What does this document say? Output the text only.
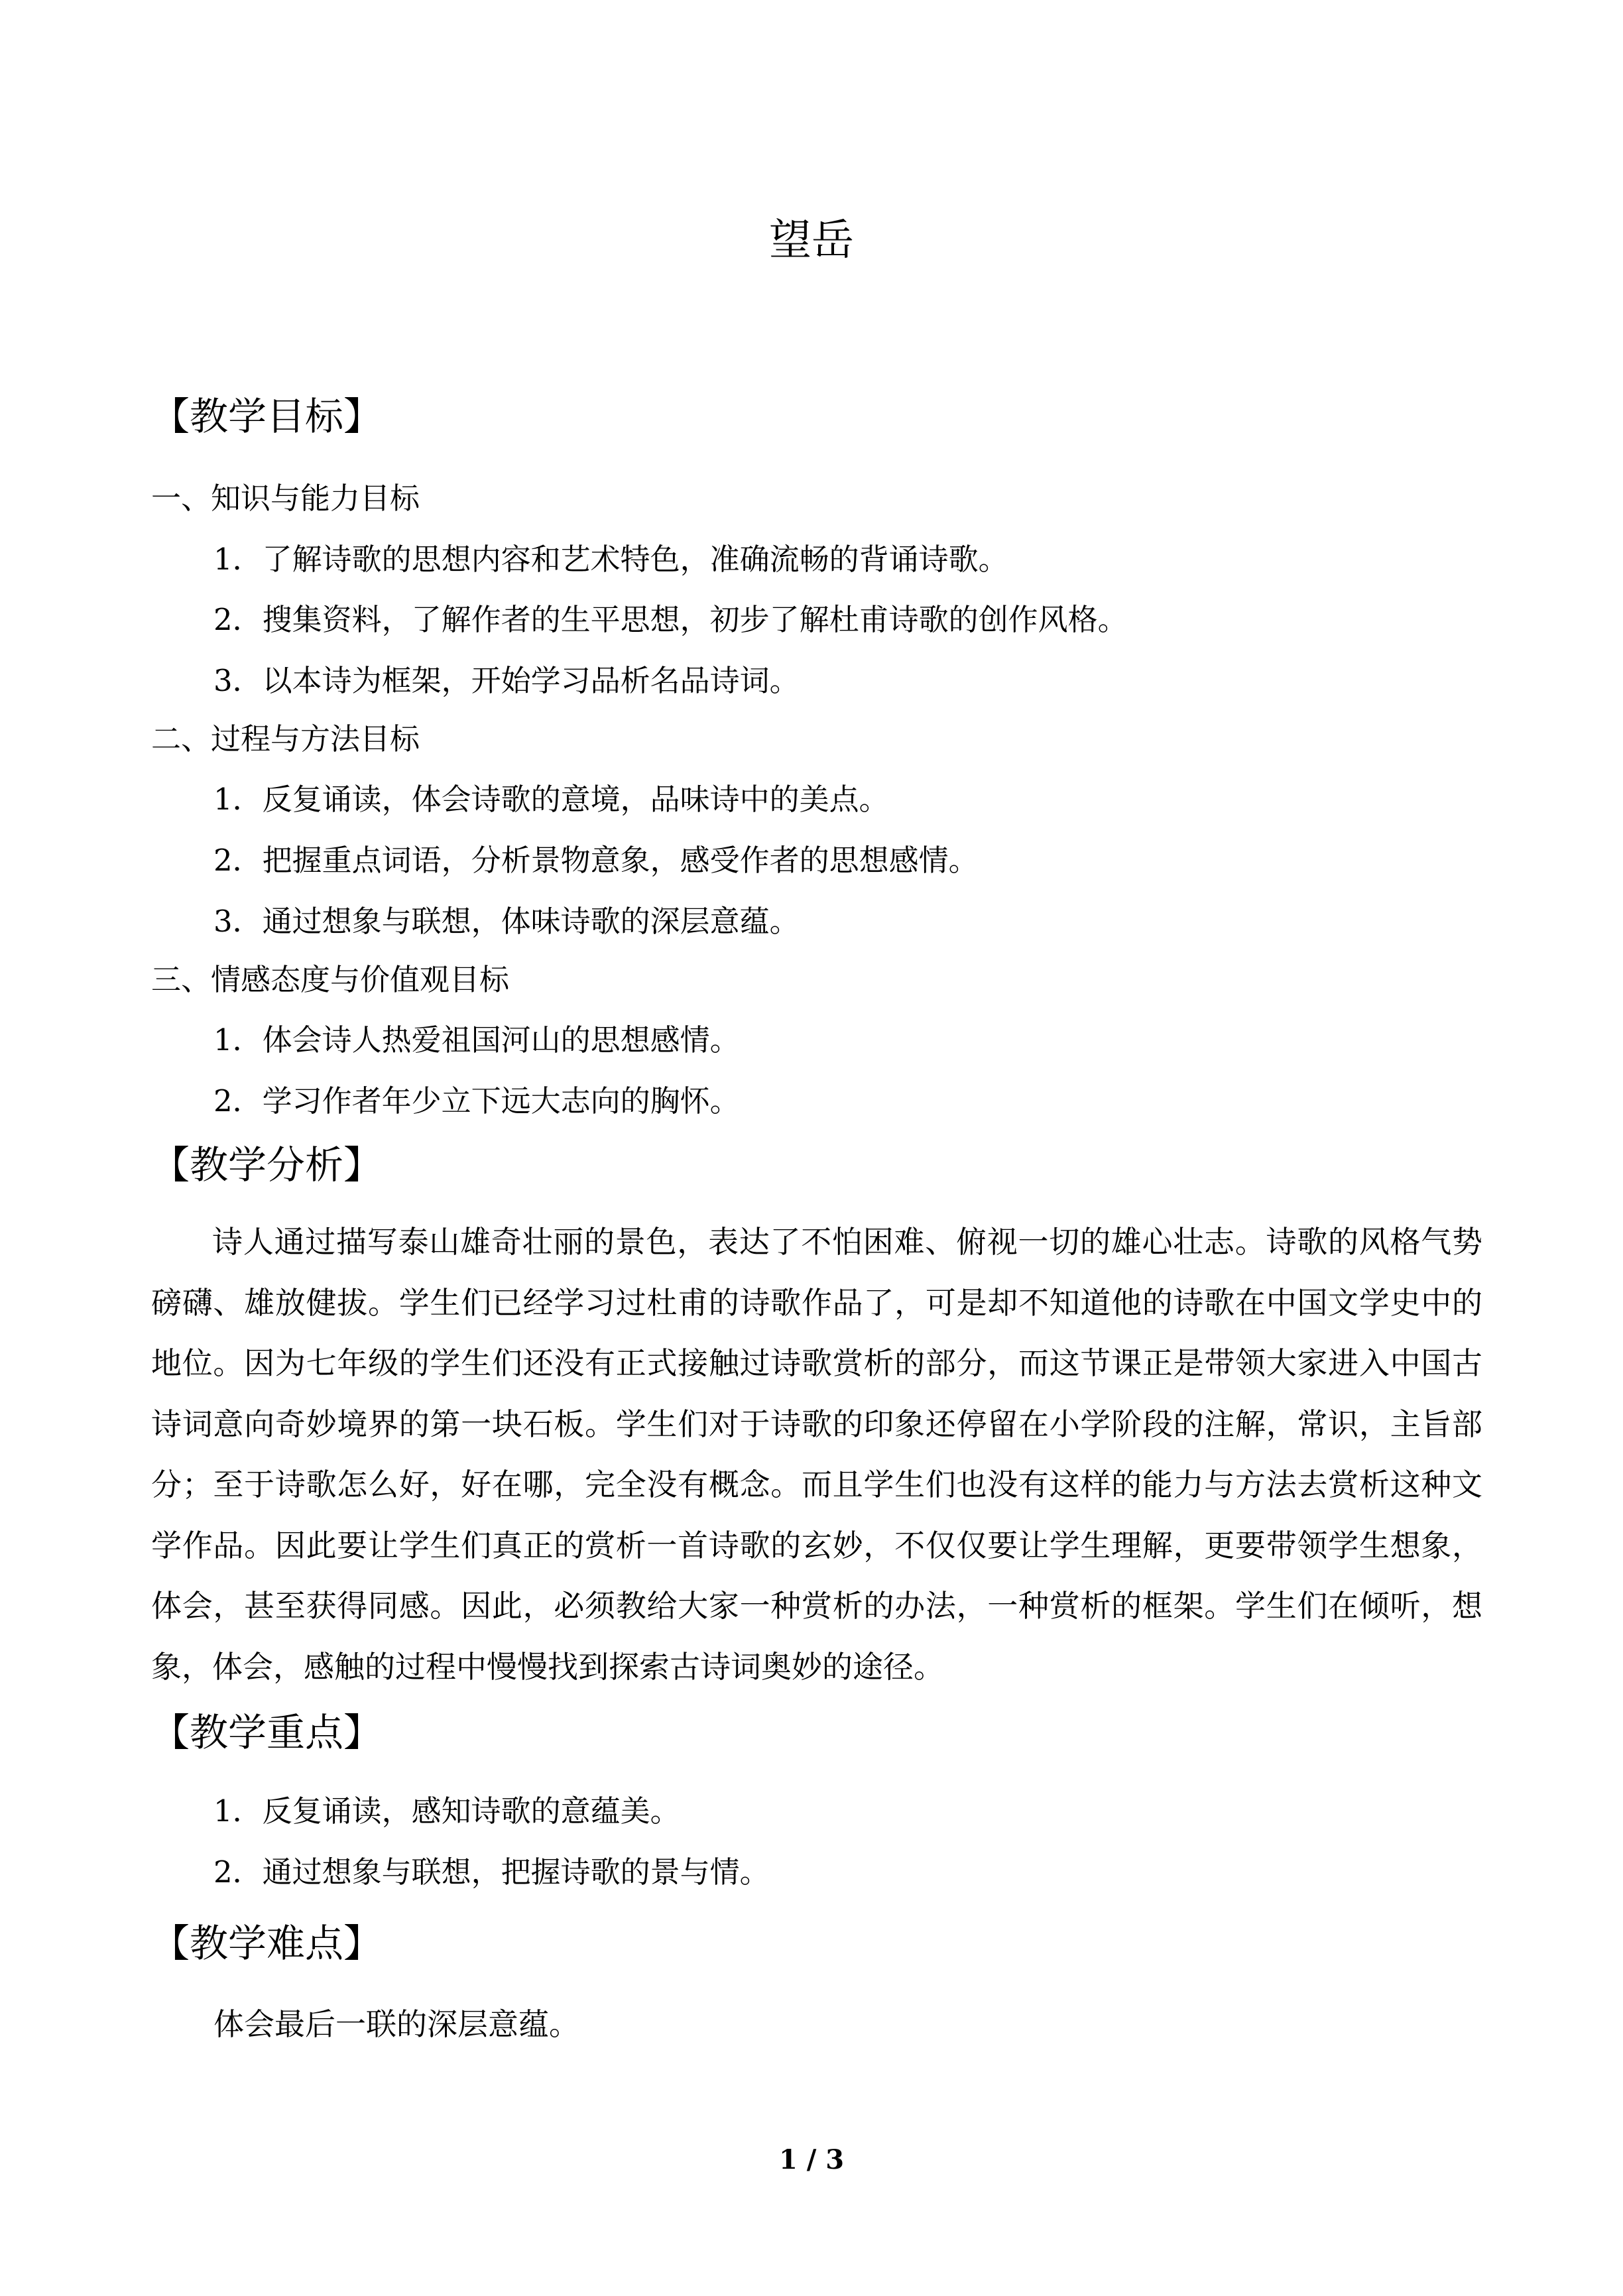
望岳
【教学目标】
一、知识与能力目标
1．了解诗歌的思想内容和艺术特色，准确流畅的背诵诗歌。
2．搜集资料，了解作者的生平思想，初步了解杜甫诗歌的创作风格。
3．以本诗为框架，开始学习品析名品诗词。
二、过程与方法目标
1．反复诵读，体会诗歌的意境，品味诗中的美点。
2．把握重点词语，分析景物意象，感受作者的思想感情。
3．通过想象与联想，体味诗歌的深层意蕴。
三、情感态度与价值观目标
1．体会诗人热爱祖国河山的思想感情。
2．学习作者年少立下远大志向的胸怀。
【教学分析】
诗人通过描写泰山雄奇壮丽的景色，表达了不怕困难、俯视一切的雄心壮志。诗歌的风格气势磅礴、雄放健拔。学生们已经学习过杜甫的诗歌作品了，可是却不知道他的诗歌在中国文学史中的地位。因为七年级的学生们还没有正式接触过诗歌赏析的部分，而这节课正是带领大家进入中国古诗词意向奇妙境界的第一块石板。学生们对于诗歌的印象还停留在小学阶段的注解，常识，主旨部分；至于诗歌怎么好，好在哪，完全没有概念。而且学生们也没有这样的能力与方法去赏析这种文学作品。因此要让学生们真正的赏析一首诗歌的玄妙，不仅仅要让学生理解，更要带领学生想象，体会，甚至获得同感。因此，必须教给大家一种赏析的办法，一种赏析的框架。学生们在倾听，想象，体会，感触的过程中慢慢找到探索古诗词奥妙的途径。
【教学重点】
1．反复诵读，感知诗歌的意蕴美。
2．通过想象与联想，把握诗歌的景与情。
【教学难点】
体会最后一联的深层意蕴。
1 / 3
